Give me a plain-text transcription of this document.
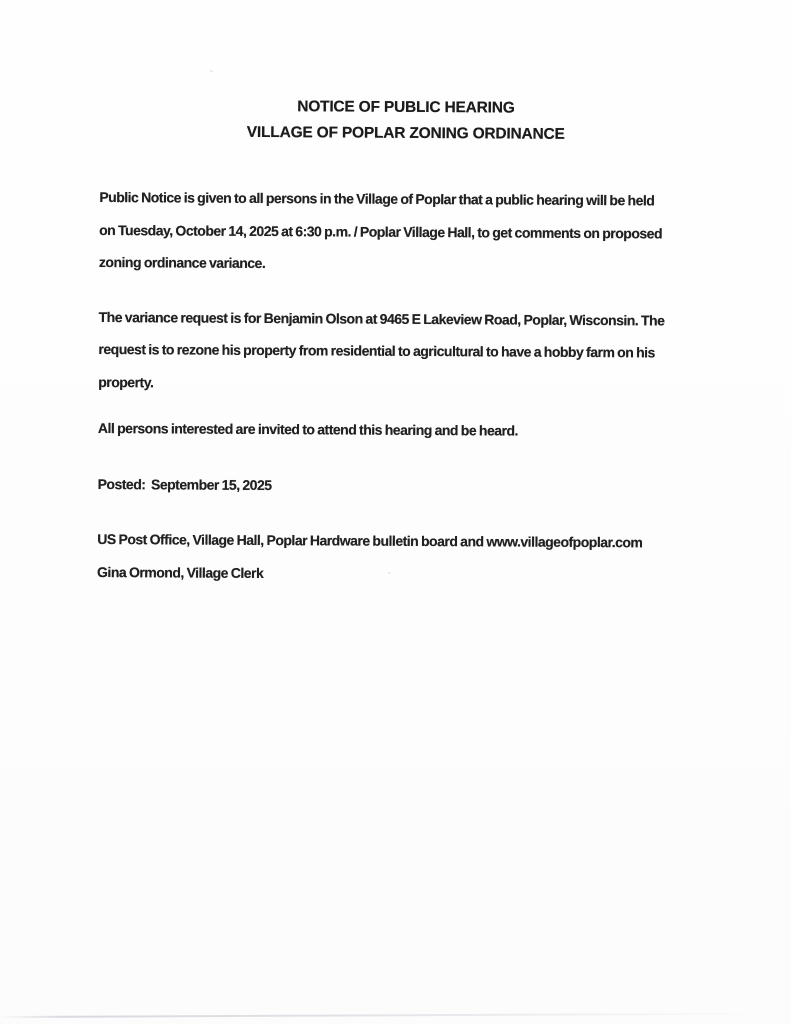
NOTICE OF PUBLIC HEARING
VILLAGE OF POPLAR ZONING ORDINANCE
Public Notice is given to all persons in the Village of Poplar that a public hearing will be held
on Tuesday, October 14, 2025 at 6:30 p.m. / Poplar Village Hall, to get comments on proposed
zoning ordinance variance.
The variance request is for Benjamin Olson at 9465 E Lakeview Road, Poplar, Wisconsin. The
request is to rezone his property from residential to agricultural to have a hobby farm on his
property.
All persons interested are invited to attend this hearing and be heard.
Posted:  September 15, 2025
US Post Office, Village Hall, Poplar Hardware bulletin board and www.villageofpoplar.com
Gina Ormond, Village Clerk
